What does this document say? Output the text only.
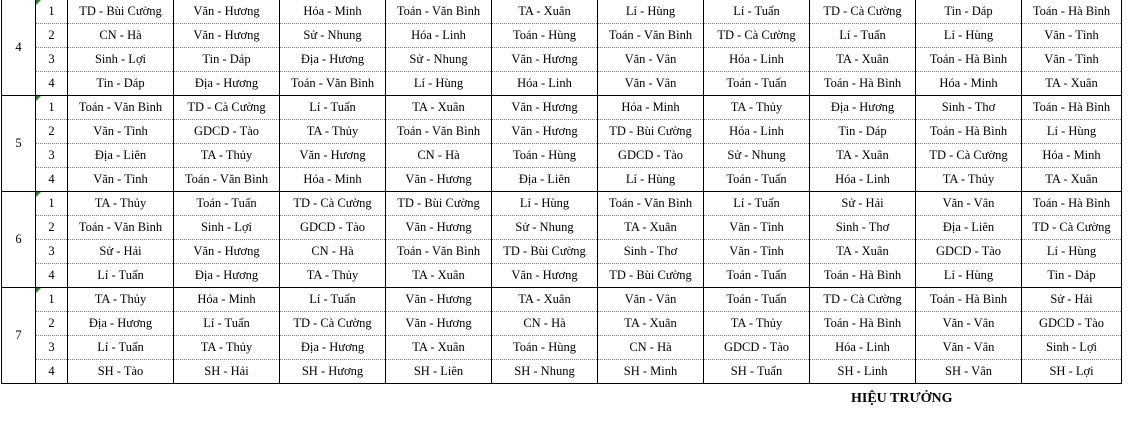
4	1	TD - Bùi Cường	Văn - Hương	Hóa - Minh	Toán - Văn Bình	TA - Xuân	Lí - Hùng	Lí - Tuấn	TD - Cà Cường	Tin - Dáp	Toán - Hà Bình
	2	CN - Hà	Văn - Hương	Sử - Nhung	Hóa - Linh	Toán - Hùng	Toán - Văn Bình	TD - Cà Cường	Lí - Tuấn	Lí - Hùng	Văn - Tình
	3	Sinh - Lợi	Tin - Dáp	Địa - Hương	Sử - Nhung	Văn - Hương	Văn - Vân	Hóa - Linh	TA - Xuân	Toán - Hà Bình	Văn - Tình
	4	Tin - Dáp	Địa - Hương	Toán - Văn Bình	Lí - Hùng	Hóa - Linh	Văn - Vân	Toán - Tuấn	Toán - Hà Bình	Hóa - Minh	TA - Xuân
5	1	Toán - Văn Bình	TD - Cà Cường	Lí - Tuấn	TA - Xuân	Văn - Hương	Hóa - Minh	TA - Thủy	Địa - Hương	Sinh - Thơ	Toán - Hà Bình
	2	Văn - Tình	GDCD - Tào	TA - Thủy	Toán - Văn Bình	Văn - Hương	TD - Bùi Cường	Hóa - Linh	Tin - Dáp	Toán - Hà Bình	Lí - Hùng
	3	Địa - Liên	TA - Thủy	Văn - Hương	CN - Hà	Toán - Hùng	GDCD - Tào	Sử - Nhung	TA - Xuân	TD - Cà Cường	Hóa - Minh
	4	Văn - Tình	Toán - Văn Bình	Hóa - Minh	Văn - Hương	Địa - Liên	Lí - Hùng	Toán - Tuấn	Hóa - Linh	TA - Thủy	TA - Xuân
6	1	TA - Thủy	Toán - Tuấn	TD - Cà Cường	TD - Bùi Cường	Lí - Hùng	Toán - Văn Bình	Lí - Tuấn	Sử - Hải	Văn - Vân	Toán - Hà Bình
	2	Toán - Văn Bình	Sinh - Lợi	GDCD - Tào	Văn - Hương	Sử - Nhung	TA - Xuân	Văn - Tình	Sinh - Thơ	Địa - Liên	TD - Cà Cường
	3	Sử - Hải	Văn - Hương	CN - Hà	Toán - Văn Bình	TD - Bùi Cường	Sinh - Thơ	Văn - Tình	TA - Xuân	GDCD - Tào	Lí - Hùng
	4	Lí - Tuấn	Địa - Hương	TA - Thủy	TA - Xuân	Văn - Hương	TD - Bùi Cường	Toán - Tuấn	Toán - Hà Bình	Lí - Hùng	Tin - Dáp
7	1	TA - Thủy	Hóa - Minh	Lí - Tuấn	Văn - Hương	TA - Xuân	Văn - Vân	Toán - Tuấn	TD - Cà Cường	Toán - Hà Bình	Sử - Hải
	2	Địa - Hương	Lí - Tuấn	TD - Cà Cường	Văn - Hương	CN - Hà	TA - Xuân	TA - Thủy	Toán - Hà Bình	Văn - Vân	GDCD - Tào
	3	Lí - Tuấn	TA - Thủy	Địa - Hương	TA - Xuân	Toán - Hùng	CN - Hà	GDCD - Tào	Hóa - Linh	Văn - Vân	Sinh - Lợi
	4	SH - Tào	SH - Hải	SH - Hương	SH - Liên	SH - Nhung	SH - Minh	SH - Tuấn	SH - Linh	SH - Vân	SH - Lợi
HIỆU TRƯỞNG
